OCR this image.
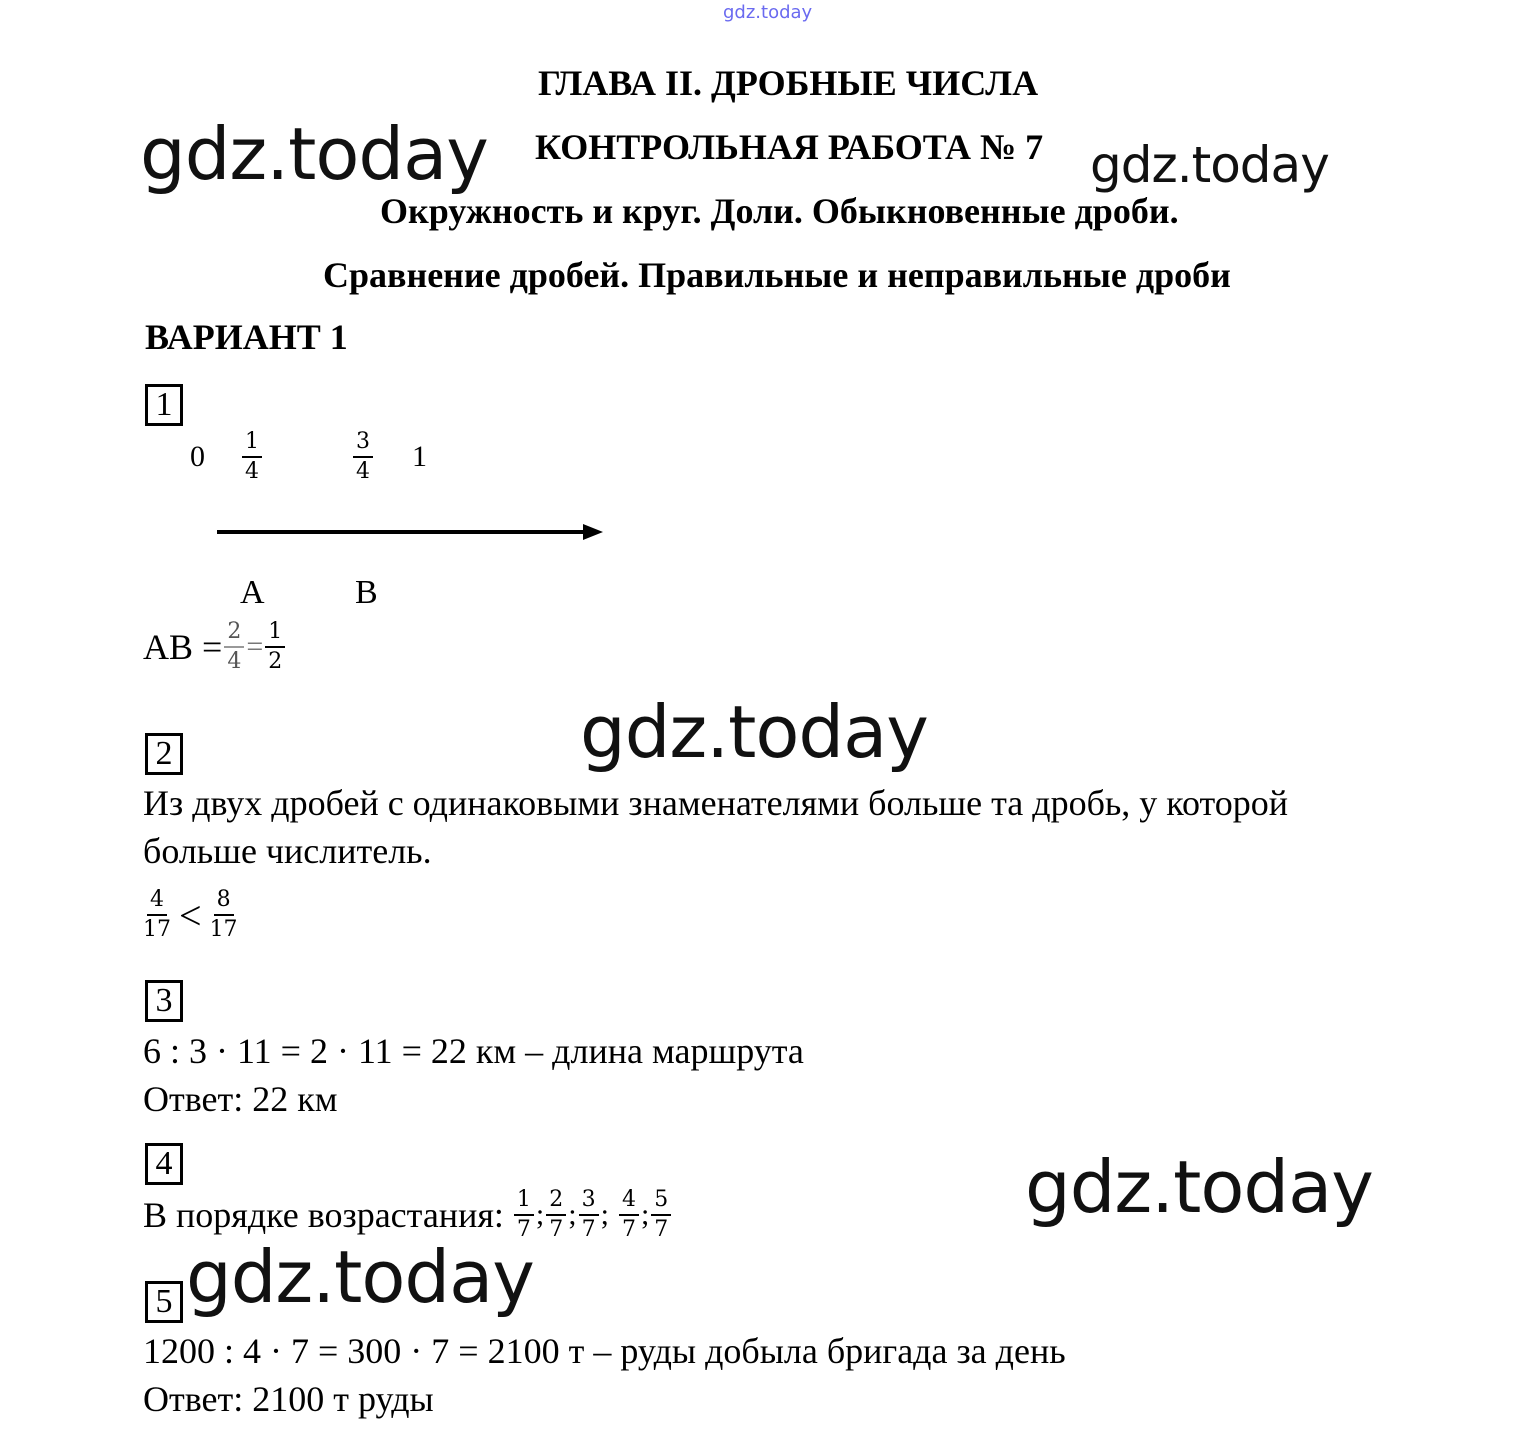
gdz.today
gdz.today	gdz.today
gdz.today
gdz.today
gdz.today
ГЛАВА II. ДРОБНЫЕ ЧИСЛА
КОНТРОЛЬНАЯ РАБОТА № 7
Окружность и круг. Доли. Обыкновенные дроби.
Сравнение дробей. Правильные и неправильные дроби
ВАРИАНТ 1
1
$0 \frac{1}{4}$	$\frac{3}{4} 1$
A	B
AB = $\frac{2}{4} = \frac{1}{2}$
2
Из двух дробей с одинаковыми знаменателями больше та дробь, у которой
больше числитель.
$\frac{4}{17} < \frac{8}{17}$
3
6 : 3 · 11 = 2 · 11 = 22 км – длина маршрута
Ответ: 22 км
4
В порядке возрастания: $\frac{1}{7}$ ; $\frac{2}{7}$ ; $\frac{3}{7}$ ; $\frac{4}{7}$ ; $\frac{5}{7}$
5
1200 : 4 · 7 = 300 · 7 = 2100 т – руды добыла бригада за день
Ответ: 2100 т руды
